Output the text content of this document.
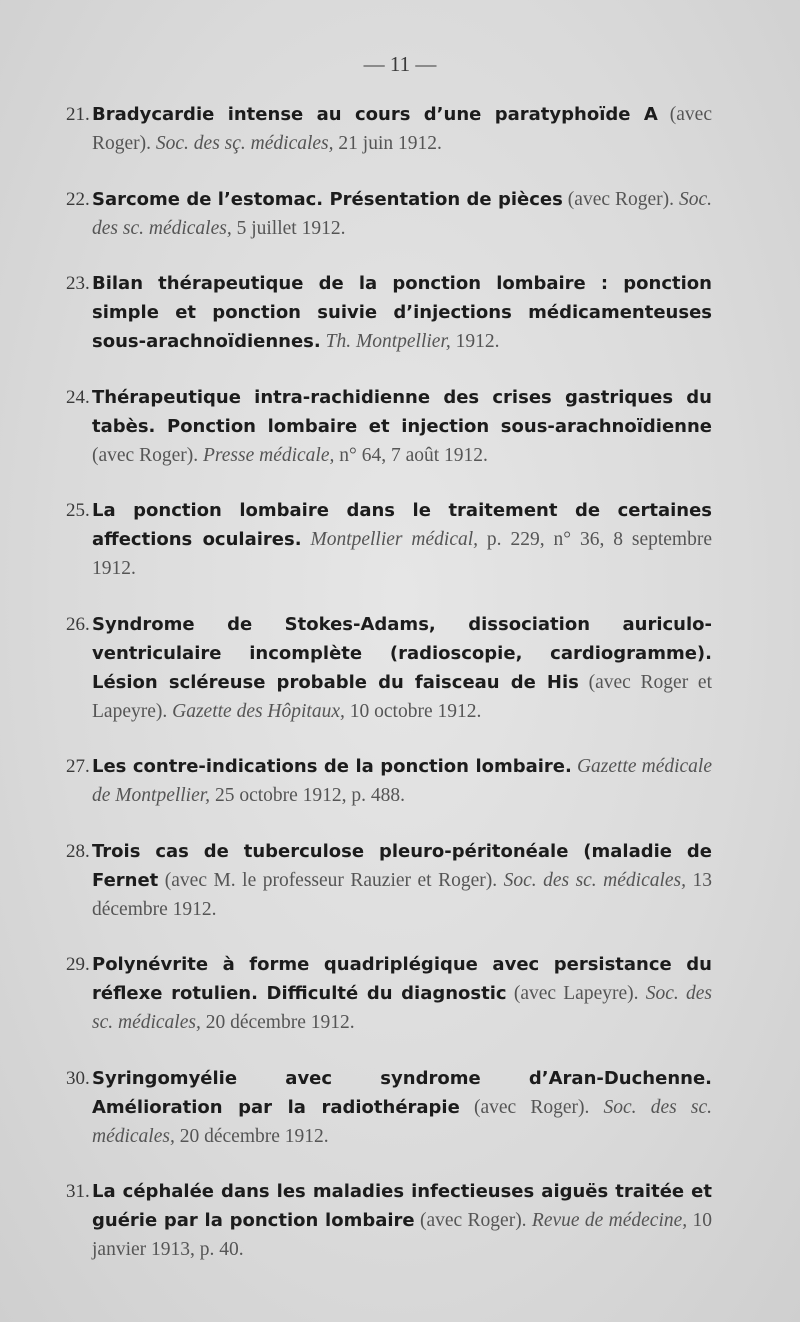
— 11 —

21. Bradycardie intense au cours d’une paratyphoïde A (avec Roger). Soc. des sç. médicales, 21 juin 1912.

22. Sarcome de l’estomac. Présentation de pièces (avec Roger). Soc. des sc. médicales, 5 juillet 1912.

23. Bilan thérapeutique de la ponction lombaire : ponction simple et ponction suivie d’injections médicamenteuses sous-arachnoïdiennes. Th. Montpellier, 1912.

24. Thérapeutique intra-rachidienne des crises gastriques du tabès. Ponction lombaire et injection sous-arachnoïdienne (avec Roger). Presse médicale, n° 64, 7 août 1912.

25. La ponction lombaire dans le traitement de certaines affections oculaires. Montpellier médical, p. 229, n° 36, 8 septembre 1912.

26. Syndrome de Stokes-Adams, dissociation auriculo-ventriculaire incomplète (radioscopie, cardiogramme). Lésion scléreuse probable du faisceau de His (avec Roger et Lapeyre). Gazette des Hôpitaux, 10 octobre 1912.

27. Les contre-indications de la ponction lombaire. Gazette médicale de Montpellier, 25 octobre 1912, p. 488.

28. Trois cas de tuberculose pleuro-péritonéale (maladie de Fernet (avec M. le professeur Rauzier et Roger). Soc. des sc. médicales, 13 décembre 1912.

29. Polynévrite à forme quadriplégique avec persistance du réflexe rotulien. Difficulté du diagnostic (avec Lapeyre). Soc. des sc. médicales, 20 décembre 1912.

30. Syringomyélie avec syndrome d’Aran-Duchenne. Amélioration par la radiothérapie (avec Roger). Soc. des sc. médicales, 20 décembre 1912.

31. La céphalée dans les maladies infectieuses aiguës traitée et guérie par la ponction lombaire (avec Roger). Revue de médecine, 10 janvier 1913, p. 40.
